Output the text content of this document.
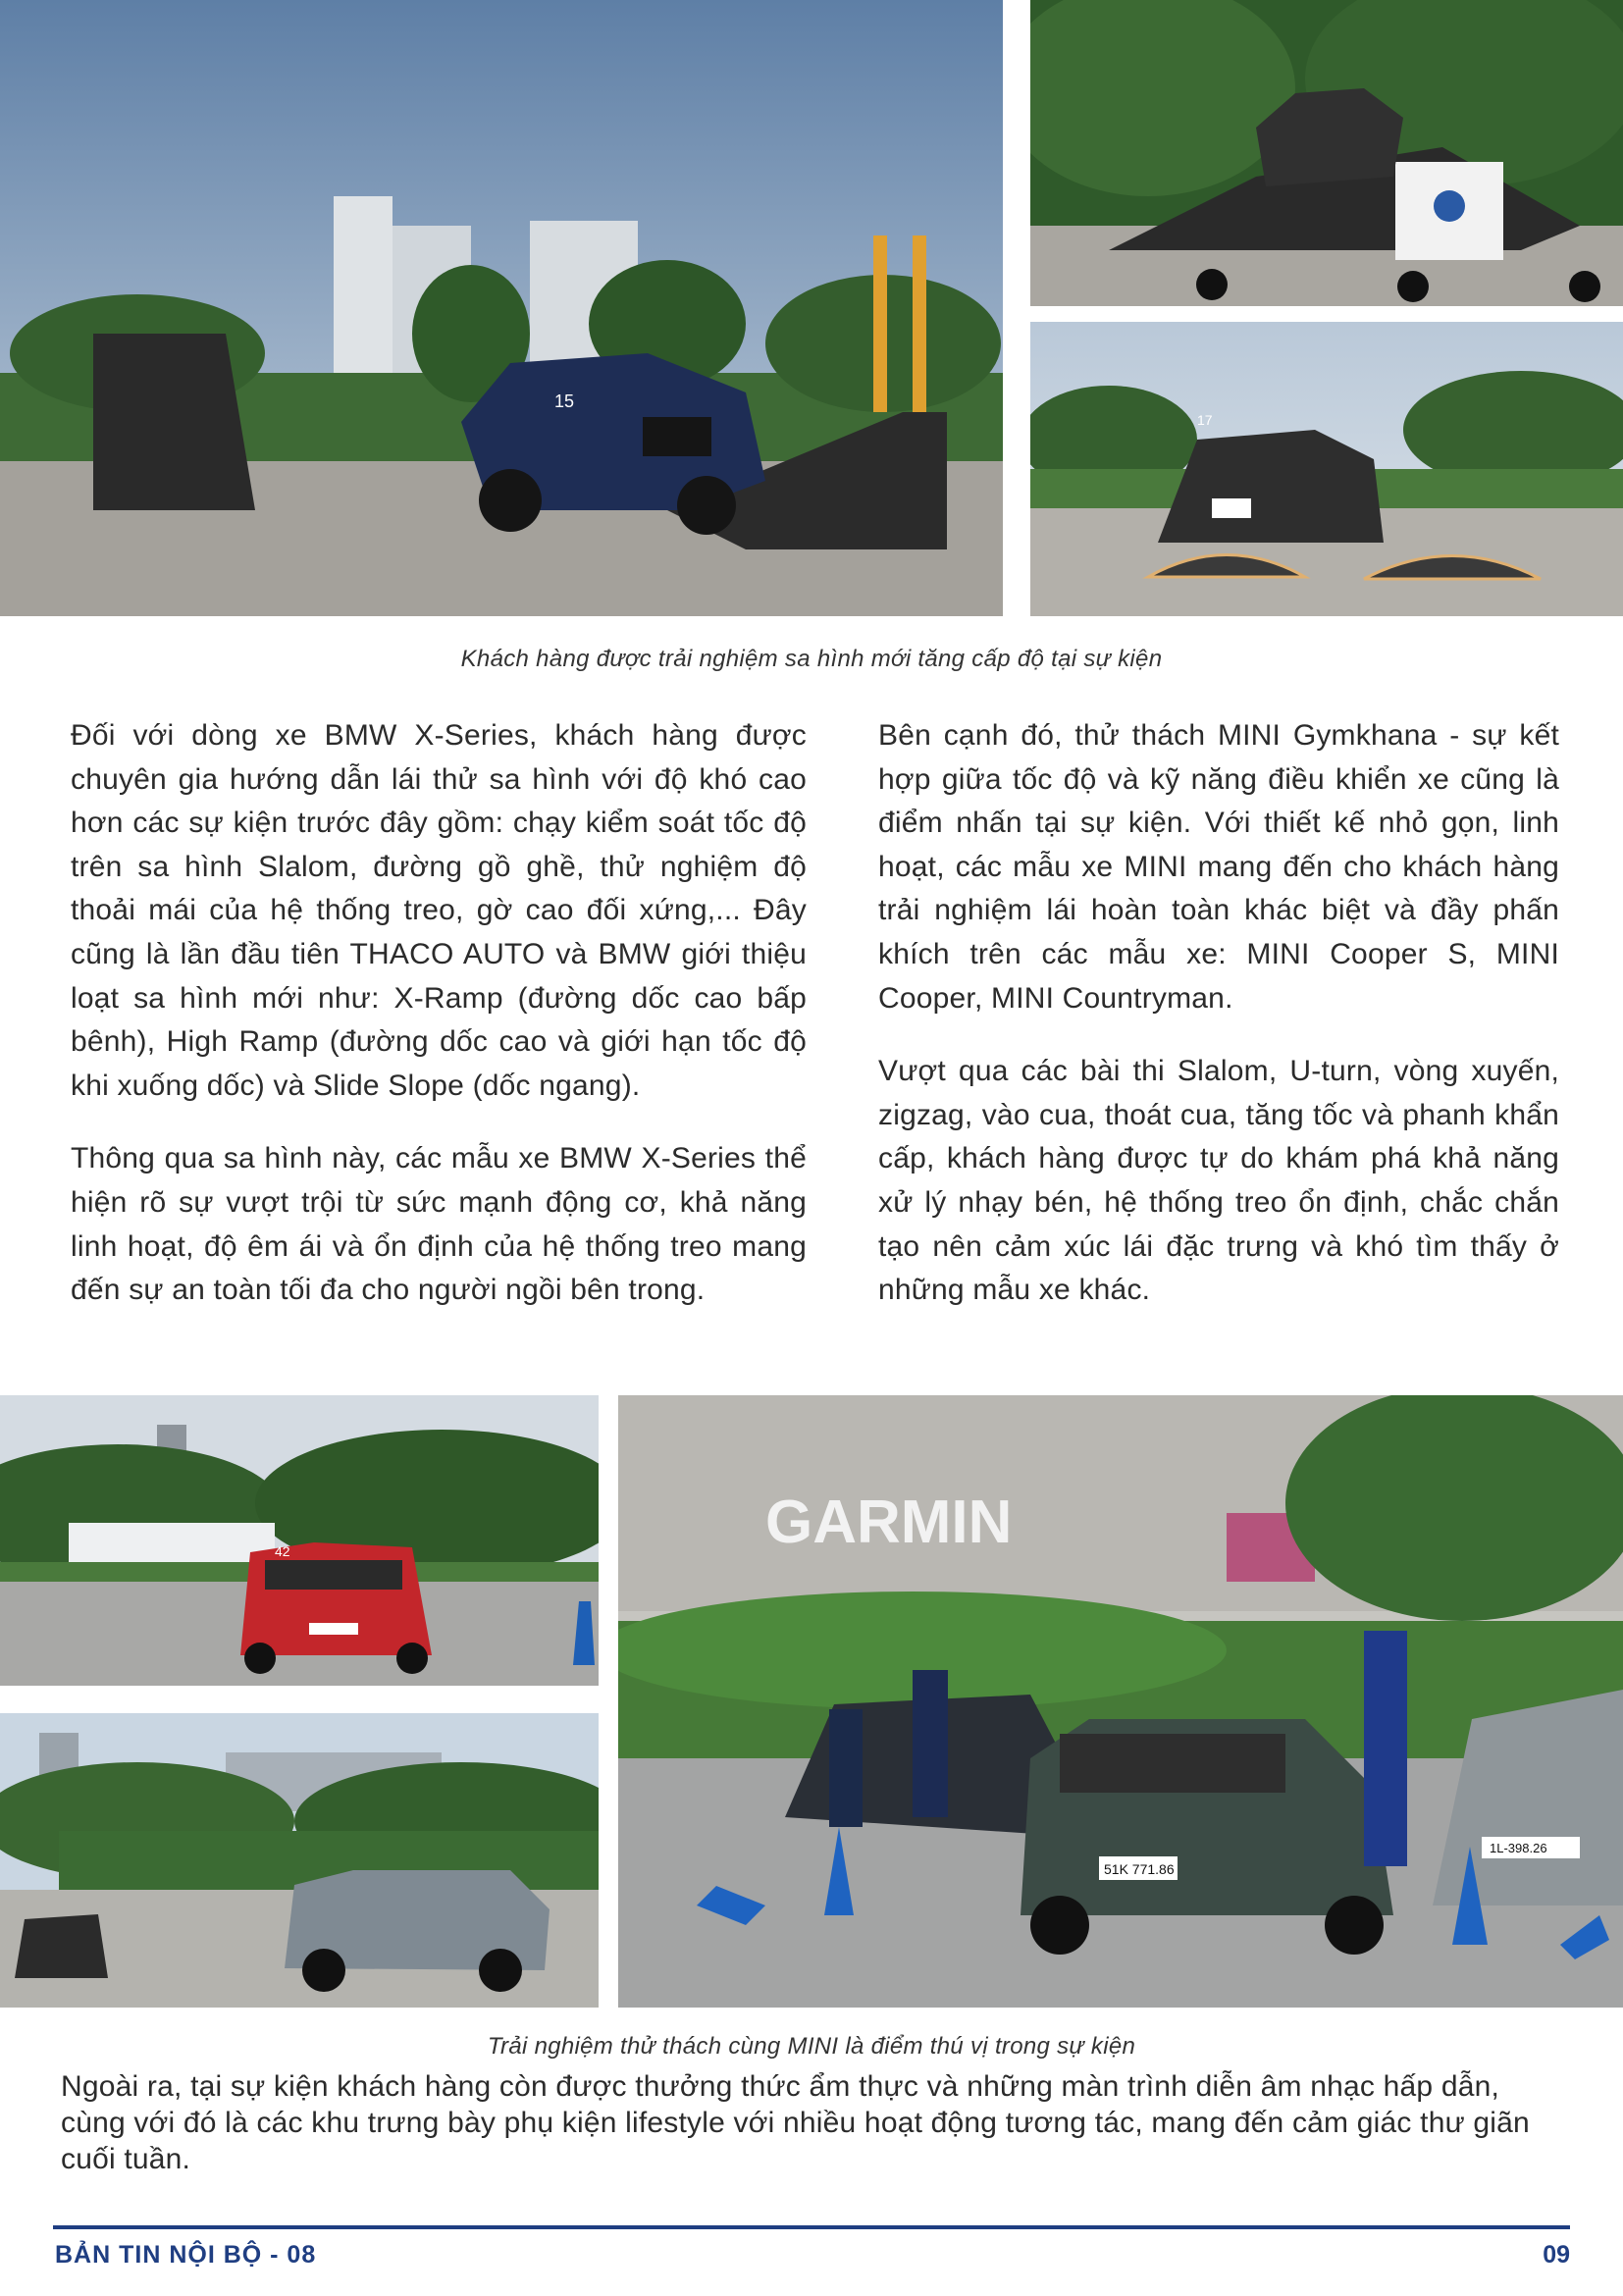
15
17
Khách hàng được trải nghiệm sa hình mới tăng cấp độ tại sự kiện

Đối với dòng xe BMW X-Series, khách hàng được chuyên gia hướng dẫn lái thử sa hình với độ khó cao hơn các sự kiện trước đây gồm: chạy kiểm soát tốc độ trên sa hình Slalom, đường gồ ghề, thử nghiệm độ thoải mái của hệ thống treo, gờ cao đối xứng,... Đây cũng là lần đầu tiên THACO AUTO và BMW giới thiệu loạt sa hình mới như: X-Ramp (đường dốc cao bấp bênh), High Ramp (đường dốc cao và giới hạn tốc độ khi xuống dốc) và Slide Slope (dốc ngang).

Thông qua sa hình này, các mẫu xe BMW X-Series thể hiện rõ sự vượt trội từ sức mạnh động cơ, khả năng linh hoạt, độ êm ái và ổn định của hệ thống treo mang đến sự an toàn tối đa cho người ngồi bên trong.

Bên cạnh đó, thử thách MINI Gymkhana - sự kết hợp giữa tốc độ và kỹ năng điều khiển xe cũng là điểm nhấn tại sự kiện. Với thiết kế nhỏ gọn, linh hoạt, các mẫu xe MINI mang đến cho khách hàng trải nghiệm lái hoàn toàn khác biệt và đầy phấn khích trên các mẫu xe: MINI Cooper S, MINI Cooper, MINI Countryman.

Vượt qua các bài thi Slalom, U-turn, vòng xuyến, zigzag, vào cua, thoát cua, tăng tốc và phanh khẩn cấp, khách hàng được tự do khám phá khả năng xử lý nhạy bén, hệ thống treo ổn định, chắc chắn tạo nên cảm xúc lái đặc trưng và khó tìm thấy ở những mẫu xe khác.

42	GARMIN
51K 771.86
1L-398.26
Trải nghiệm thử thách cùng MINI là điểm thú vị trong sự kiện
Ngoài ra, tại sự kiện khách hàng còn được thưởng thức ẩm thực và những màn trình diễn âm nhạc hấp dẫn, cùng với đó là các khu trưng bày phụ kiện lifestyle với nhiều hoạt động tương tác, mang đến cảm giác thư giãn cuối tuần.
BẢN TIN NỘI BỘ - 08	09
